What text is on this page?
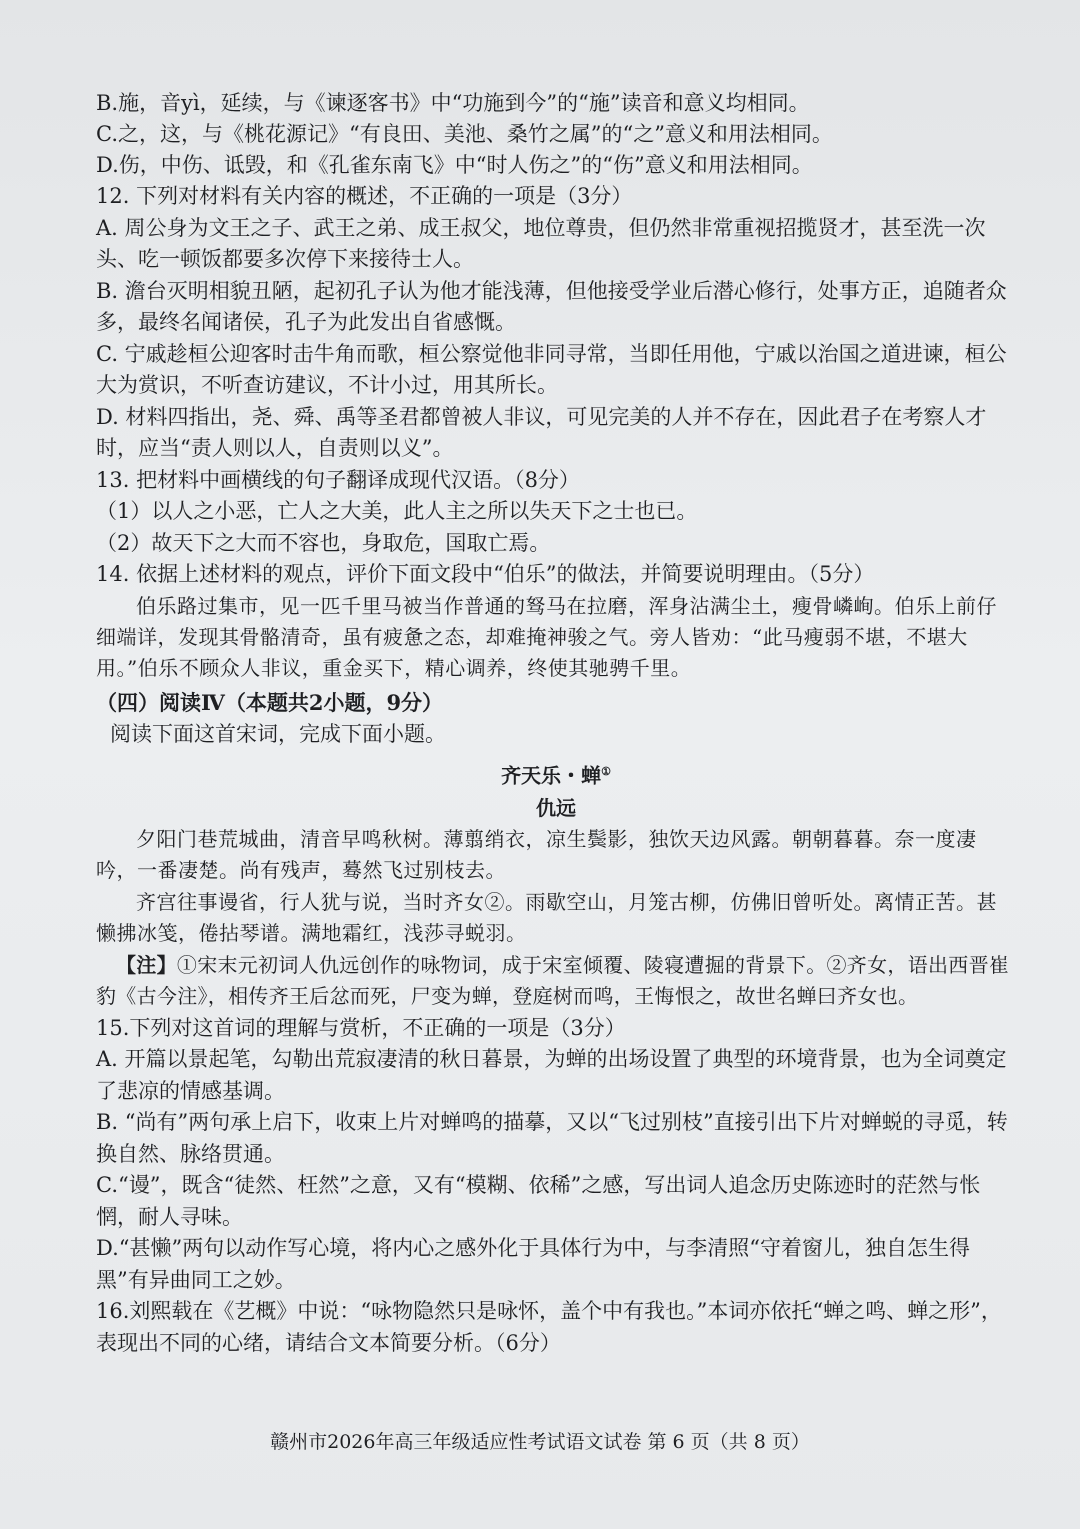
B.施，音yì，延续，与《谏逐客书》中“功施到今”的“施”读音和意义均相同。
C.之，这，与《桃花源记》“有良田、美池、桑竹之属”的“之”意义和用法相同。
D.伤，中伤、诋毁，和《孔雀东南飞》中“时人伤之”的“伤”意义和用法相同。
12. 下列对材料有关内容的概述，不正确的一项是（3分）
A. 周公身为文王之子、武王之弟、成王叔父，地位尊贵，但仍然非常重视招揽贤才，甚至洗一次头、吃一顿饭都要多次停下来接待士人。
B. 澹台灭明相貌丑陋，起初孔子认为他才能浅薄，但他接受学业后潜心修行，处事方正，追随者众多，最终名闻诸侯，孔子为此发出自省感慨。
C. 宁戚趁桓公迎客时击牛角而歌，桓公察觉他非同寻常，当即任用他，宁戚以治国之道进谏，桓公大为赏识，不听查访建议，不计小过，用其所长。
D. 材料四指出，尧、舜、禹等圣君都曾被人非议，可见完美的人并不存在，因此君子在考察人才时，应当“责人则以人，自责则以义”。
13. 把材料中画横线的句子翻译成现代汉语。（8分）
（1）以人之小恶，亡人之大美，此人主之所以失天下之士也已。
（2）故天下之大而不容也，身取危，国取亡焉。
14. 依据上述材料的观点，评价下面文段中“伯乐”的做法，并简要说明理由。（5分）
伯乐路过集市，见一匹千里马被当作普通的驽马在拉磨，浑身沾满尘土，瘦骨嶙峋。伯乐上前仔细端详，发现其骨骼清奇，虽有疲惫之态，却难掩神骏之气。旁人皆劝：“此马瘦弱不堪，不堪大用。”伯乐不顾众人非议，重金买下，精心调养，终使其驰骋千里。
（四）阅读Ⅳ（本题共2小题，9分）
阅读下面这首宋词，完成下面小题。
齐天乐・蝉①
仇远
夕阳门巷荒城曲，清音早鸣秋树。薄翦绡衣，凉生鬓影，独饮天边风露。朝朝暮暮。奈一度凄吟，一番凄楚。尚有残声，蓦然飞过别枝去。
齐宫往事谩省，行人犹与说，当时齐女②。雨歇空山，月笼古柳，仿佛旧曾听处。离情正苦。甚懒拂冰笺，倦拈琴谱。满地霜红，浅莎寻蜕羽。
【注】①宋末元初词人仇远创作的咏物词，成于宋室倾覆、陵寝遭掘的背景下。②齐女，语出西晋崔豹《古今注》，相传齐王后忿而死，尸变为蝉，登庭树而鸣，王悔恨之，故世名蝉曰齐女也。
15.下列对这首词的理解与赏析，不正确的一项是（3分）
A. 开篇以景起笔，勾勒出荒寂凄清的秋日暮景，为蝉的出场设置了典型的环境背景，也为全词奠定了悲凉的情感基调。
B. “尚有”两句承上启下，收束上片对蝉鸣的描摹，又以“飞过别枝”直接引出下片对蝉蜕的寻觅，转换自然、脉络贯通。
C.“谩”，既含“徒然、枉然”之意，又有“模糊、依稀”之感，写出词人追念历史陈迹时的茫然与怅惘，耐人寻味。
D.“甚懒”两句以动作写心境，将内心之感外化于具体行为中，与李清照“守着窗儿，独自怎生得黑”有异曲同工之妙。
16.刘熙载在《艺概》中说：“咏物隐然只是咏怀，盖个中有我也。”本词亦依托“蝉之鸣、蝉之形”，表现出不同的心绪，请结合文本简要分析。（6分）
赣州市2026年高三年级适应性考试语文试卷 第 6 页（共 8 页）
